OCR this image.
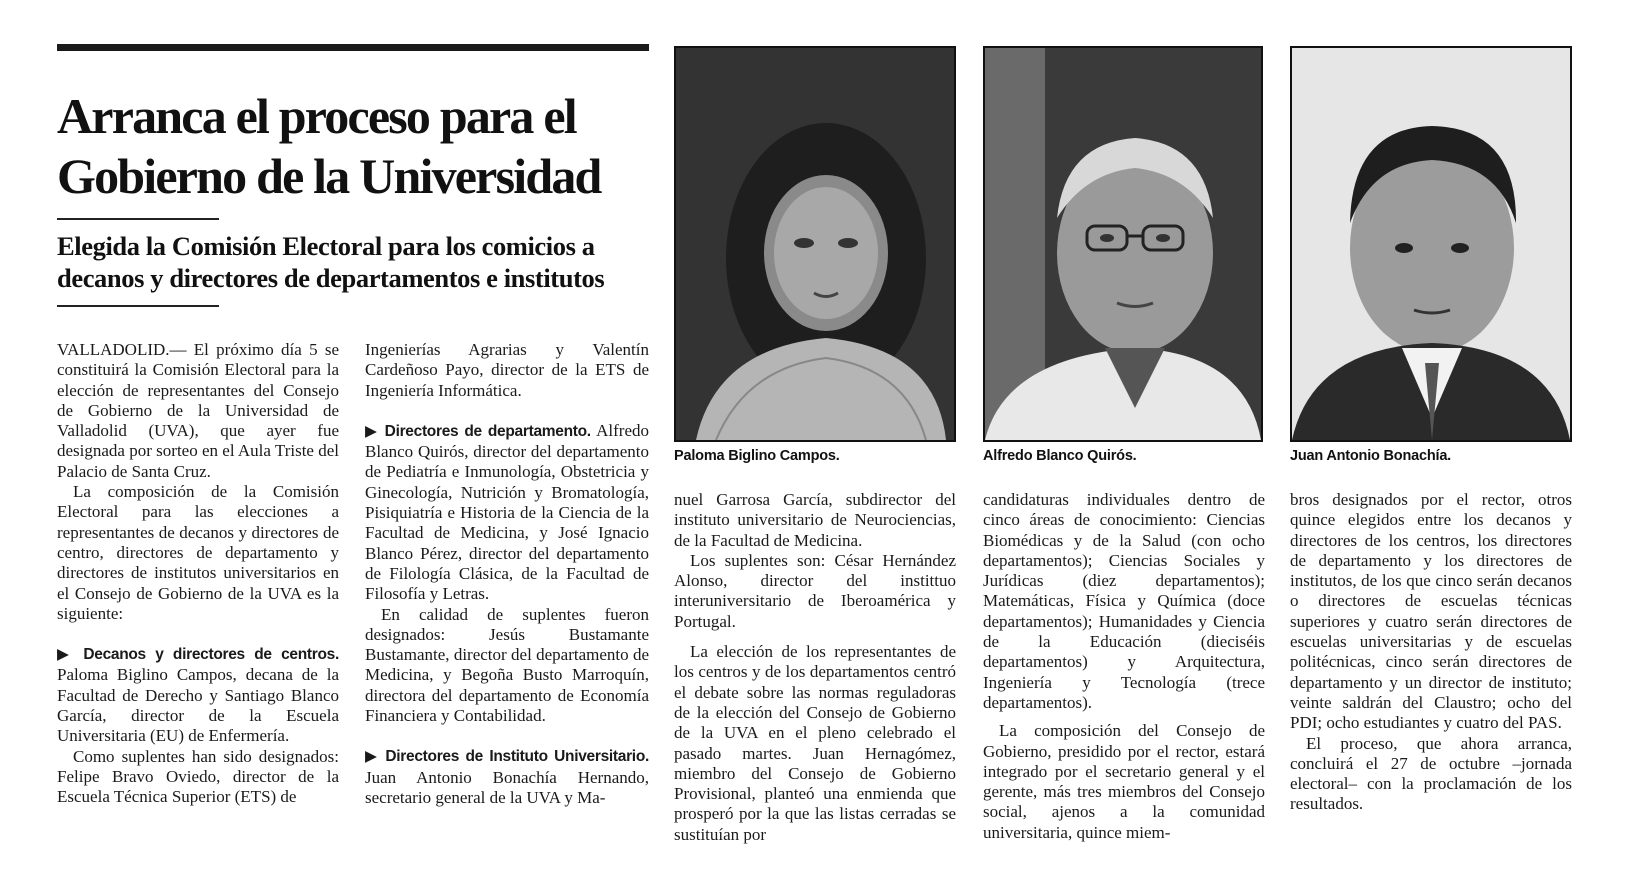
Arranca el proceso para el
Gobierno de la Universidad
Elegida la Comisión Electoral para los comicios a
decanos y directores de departamentos e institutos
Paloma Biglino Campos.	Alfredo Blanco Quirós.	Juan Antonio Bonachía.

VALLADOLID.— El próximo día 5 se constituirá la Comisión Electoral para la elección de representantes del Consejo de Gobierno de la Universidad de Valladolid (UVA), que ayer fue designada por sorteo en el Aula Triste del Palacio de Santa Cruz.

La composición de la Comisión Electoral para las elecciones a representantes de decanos y directores de centro, directores de departamento y directores de institutos universitarios en el Consejo de Gobierno de la UVA es la siguiente:

▶ Decanos y directores de centros. Paloma Biglino Campos, decana de la Facultad de Derecho y Santiago Blanco García, director de la Escuela Universitaria (EU) de Enfermería.

Como suplentes han sido designados: Felipe Bravo Oviedo, director de la Escuela Técnica Superior (ETS) de

Ingenierías Agrarias y Valentín Cardeñoso Payo, director de la ETS de Ingeniería Informática.

▶ Directores de departamento. Alfredo Blanco Quirós, director del departamento de Pediatría e Inmunología, Obstetricia y Ginecología, Nutrición y Bromatología, Pisiquiatría e Historia de la Ciencia de la Facultad de Medicina, y José Ignacio Blanco Pérez, director del departamento de Filología Clásica, de la Facultad de Filosofía y Letras.

En calidad de suplentes fueron designados: Jesús Bustamante Bustamante, director del departamento de Medicina, y Begoña Busto Marroquín, directora del departamento de Economía Financiera y Contabilidad.

▶ Directores de Instituto Universitario. Juan Antonio Bonachía Hernando, secretario general de la UVA y Ma-

nuel Garrosa García, subdirector del instituto universitario de Neurociencias, de la Facultad de Medicina.

Los suplentes son: César Hernández Alonso, director del instittuo interuniversitario de Iberoamérica y Portugal.

La elección de los representantes de los centros y de los departamentos centró el debate sobre las normas reguladoras de la elección del Consejo de Gobierno de la UVA en el pleno celebrado el pasado martes. Juan Hernagómez, miembro del Consejo de Gobierno Provisional, planteó una enmienda que prosperó por la que las listas cerradas se sustituían por

candidaturas individuales dentro de cinco áreas de conocimiento: Ciencias Biomédicas y de la Salud (con ocho departamentos); Ciencias Sociales y Jurídicas (diez departamentos); Matemáticas, Física y Química (doce departamentos); Humanidades y Ciencia de la Educación (dieciséis departamentos) y Arquitectura, Ingeniería y Tecnología (trece departamentos).

La composición del Consejo de Gobierno, presidido por el rector, estará integrado por el secretario general y el gerente, más tres miembros del Consejo social, ajenos a la comunidad universitaria, quince miem-

bros designados por el rector, otros quince elegidos entre los decanos y directores de los centros, los directores de departamento y los directores de institutos, de los que cinco serán decanos o directores de escuelas técnicas superiores y cuatro serán directores de escuelas universitarias y de escuelas politécnicas, cinco serán directores de departamento y un director de instituto; veinte saldrán del Claustro; ocho del PDI; ocho estudiantes y cuatro del PAS.

El proceso, que ahora arranca, concluirá el 27 de octubre –jornada electoral– con la proclamación de los resultados.
